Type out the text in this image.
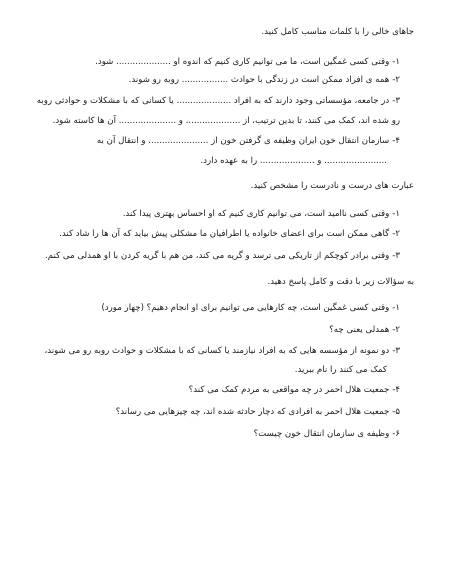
جاهای خالی را با کلمات مناسب کامل کنید.
۱-وقتی کسی غمگین است، ما می توانیم کاری کنیم که اندوه او .................... شود.
۲-همه ی افراد ممکن است در زندگی با حوادث ................. روبه رو شوند.
۳-در جامعه، مؤسساتی وجود دارند که به افراد .................... یا کسانی که با مشکلات و حوادثی روبه
رو شده اند، کمک می کنند، تا بدین ترتیب، از .................... و ..................... آن ها کاسته شود.
۴-سازمان انتقال خون ایران وظیفه ی گرفتن خون از ...................... و انتقال آن به
....................... و .................... را به عهده دارد.
عبارت های درست و نادرست را مشخص کنید.
۱-وقتی کسی ناامید است، می توانیم کاری کنیم که او احساس بهتری پیدا کند.
۲-گاهی ممکن است برای اعضای خانواده یا اطرافیان ما مشکلی پیش بیاید که آن ها را شاد کند.
۳-وقتی برادر کوچکم از تاریکی می ترسد و گریه می کند، من هم با گریه کردن با او همدلی می کنم.
به سؤالات زیر با دقت و کامل پاسخ دهید.
۱-وقتی کسی غمگین است، چه کارهایی می توانیم برای او انجام دهیم؟ (چهار مورد)
۲-همدلی یعنی چه؟
۳-دو نمونه از مؤسسه هایی که به افراد نیازمند یا کسانی که با مشکلات و حوادث روبه رو می شوند،
کمک می کنند را نام ببرید.
۴-جمعیت هلال احمر در چه مواقعی به مردم کمک می کند؟
۵-جمعیت هلال احمر به افرادی که دچار حادثه شده اند، چه چیزهایی می رساند؟
۶-وظیفه ی سازمان انتقال خون چیست؟
